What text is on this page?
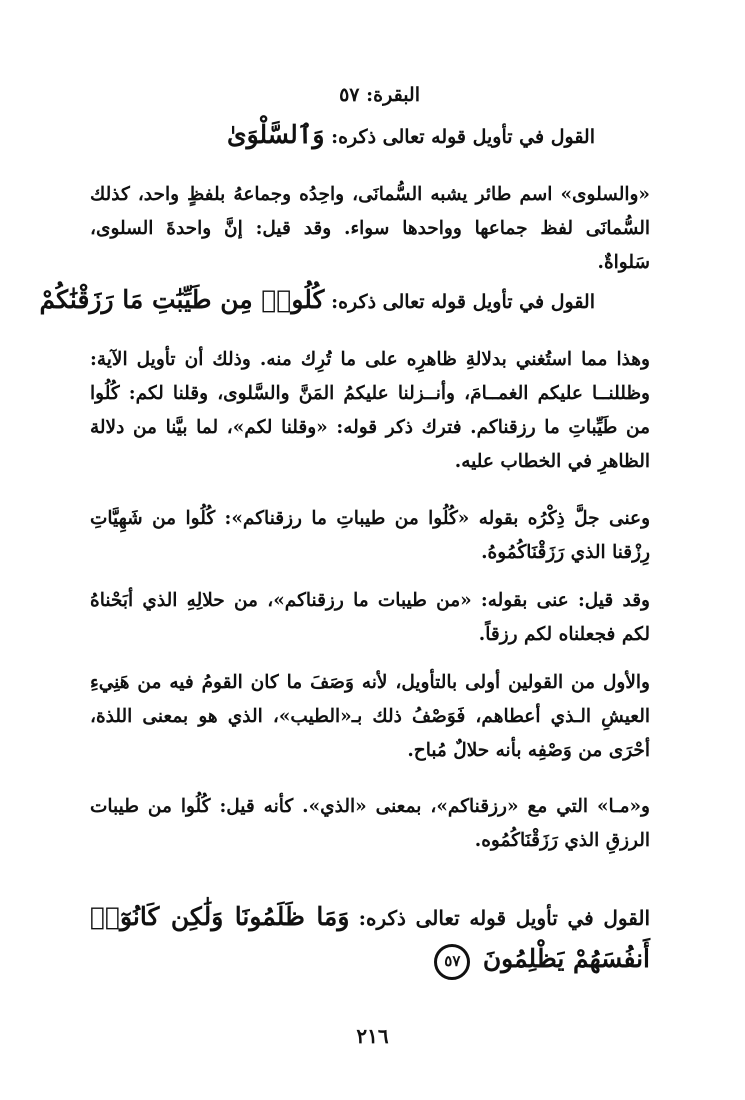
البقرة: ٥٧
القول في تأويل قوله تعالى ذكره: وَٱلسَّلْوَىٰ

«والسلوى» اسم طائر يشبه السُّمانَى، واحِدُه وجماعهُ بلفظٍ واحد، كذلك السُّمانَى لفظ جماعها وواحدها سواء. وقد قيل: إنَّ واحدةَ السلوى، سَلواةٌ.

القول في تأويل قوله تعالى ذكره: كُلُوا۟ مِن طَيِّبَٰتِ مَا رَزَقْنَٰكُمْ

وهذا مما استُغني بدلالةِ ظاهرِه على ما تُرِك منه. وذلك أن تأويل الآية: وظللنــا عليكم الغمــامَ، وأنــزلنا عليكمُ المَنَّ والسَّلوى، وقلنا لكم: كُلُوا من طَيِّباتِ ما رزقناكم. فترك ذكر قوله: «وقلنا لكم»، لما بيَّنا من دلالة الظاهرِ في الخطاب عليه.

وعنى جلَّ ذِكْرُه بقوله «كُلُوا من طيباتِ ما رزقناكم»: كُلُوا من شَهِيَّاتِ رِزْقنا الذي رَزَقْنَاكُمُوهُ.

وقد قيل: عنى بقوله: «من طيبات ما رزقناكم»، من حلالِهِ الذي أبَحْناهُ لكم فجعلناه لكم رزقاً.

والأول من القولين أولى بالتأويل، لأنه وَصَفَ ما كان القومُ فيه من هَنِيءِ العيشِ الـذي أعطاهم، فَوَصْفُ ذلك بـ«الطيب»، الذي هو بمعنى اللذة، أحْرَى من وَصْفِه بأنه حلالٌ مُباح.

و«مـا» التي مع «رزقناكم»، بمعنى «الذي». كأنه قيل: كُلُوا من طيبات الرزقِ الذي رَزَقْنَاكُمُوه.

القول في تأويل قوله تعالى ذكره: وَمَا ظَلَمُونَا وَلَٰكِن كَانُوٓا۟ أَنفُسَهُمْ يَظْلِمُونَ ٥٧

٢١٦
